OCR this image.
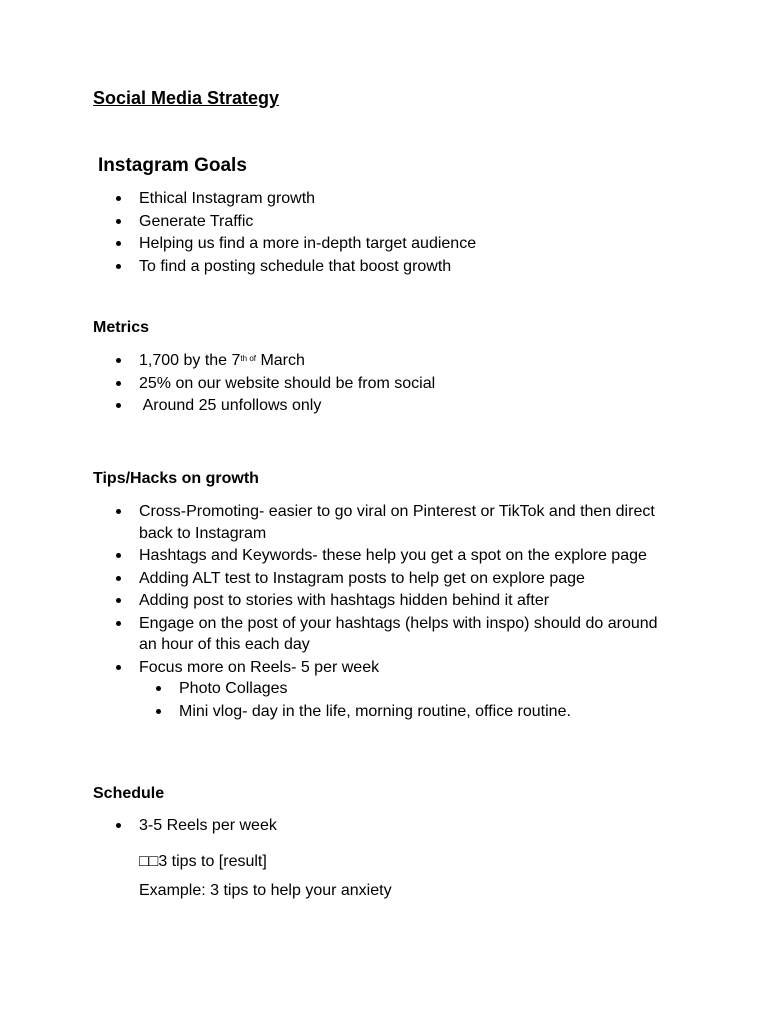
Social Media Strategy
Instagram Goals
Ethical Instagram growth
Generate Traffic
Helping us find a more in-depth target audience
To find a posting schedule that boost growth
Metrics
1,700 by the $7^{th of}$ March
25% on our website should be from social
Around 25 unfollows only
Tips/Hacks on growth
Cross-Promoting- easier to go viral on Pinterest or TikTok and then direct back to Instagram
Hashtags and Keywords- these help you get a spot on the explore page
Adding ALT test to Instagram posts to help get on explore page
Adding post to stories with hashtags hidden behind it after
Engage on the post of your hashtags (helps with inspo) should do around an hour of this each day
Focus more on Reels- 5 per week
Photo Collages
Mini vlog- day in the life, morning routine, office routine.
Schedule
3-5 Reels per week

□□3 tips to [result]

Example: 3 tips to help your anxiety
